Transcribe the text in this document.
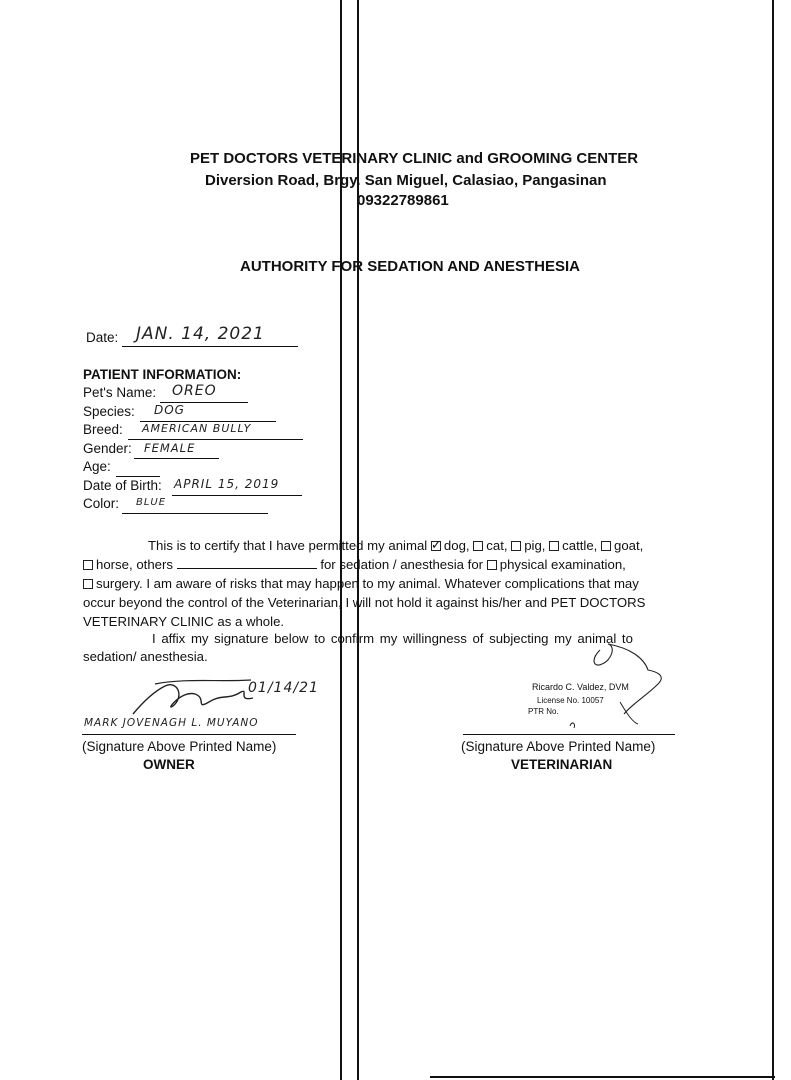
PET DOCTORS VETERINARY CLINIC and GROOMING CENTER
Diversion Road, Brgy. San Miguel, Calasiao, Pangasinan
09322789861
AUTHORITY FOR SEDATION AND ANESTHESIA
Date: JAN. 14, 2021
PATIENT INFORMATION:
Pet's Name: OREO
Species: DOG
Breed: AMERICAN BULLY
Gender: FEMALE
Age:
Date of Birth: APRIL 15, 2019
Color: BLUE
This is to certify that I have permitted my animal ✓ dog, cat, pig, cattle, goat,
horse, others	for sedation / anesthesia for physical examination,
surgery. I am aware of risks that may happen to my animal. Whatever complications that may
occur beyond the control of the Veterinarian, I will not hold it against his/her and PET DOCTORS
VETERINARY CLINIC as a whole.
I affix my signature below to confirm my willingness of subjecting my animal to
sedation/ anesthesia.
01/14/21
MARK JOVENAGH L. MUYANO
(Signature Above Printed Name)
OWNER
Ricardo C. Valdez, DVM
License No. 10057
PTR No.
(Signature Above Printed Name)
VETERINARIAN
